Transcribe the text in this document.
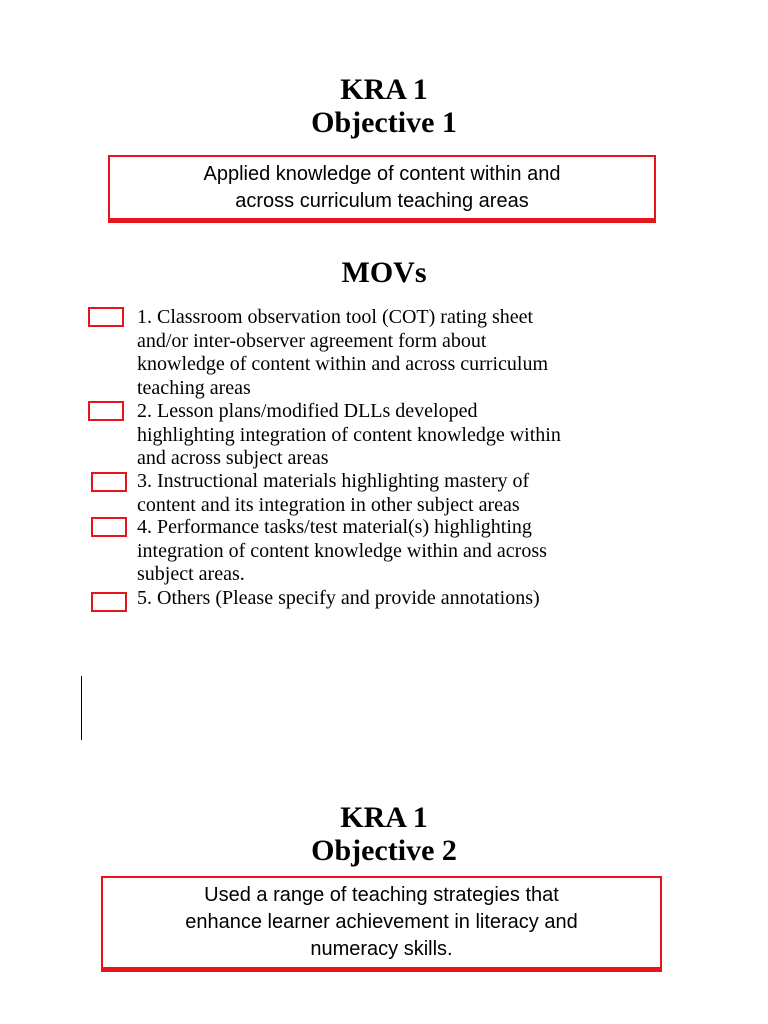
KRA 1
Objective 1
Applied knowledge of content within and
across curriculum teaching areas
MOVs
1. Classroom observation tool (COT) rating sheet
and/or inter-observer agreement form about
knowledge of content within and across curriculum
teaching areas
2. Lesson plans/modified DLLs developed
highlighting integration of content knowledge within
and across subject areas
3. Instructional materials highlighting mastery of
content and its integration in other subject areas
4. Performance tasks/test material(s) highlighting
integration of content knowledge within and across
subject areas.
5. Others (Please specify and provide annotations)
KRA 1
Objective 2
Used a range of teaching strategies that
enhance learner achievement in literacy and
numeracy skills.
